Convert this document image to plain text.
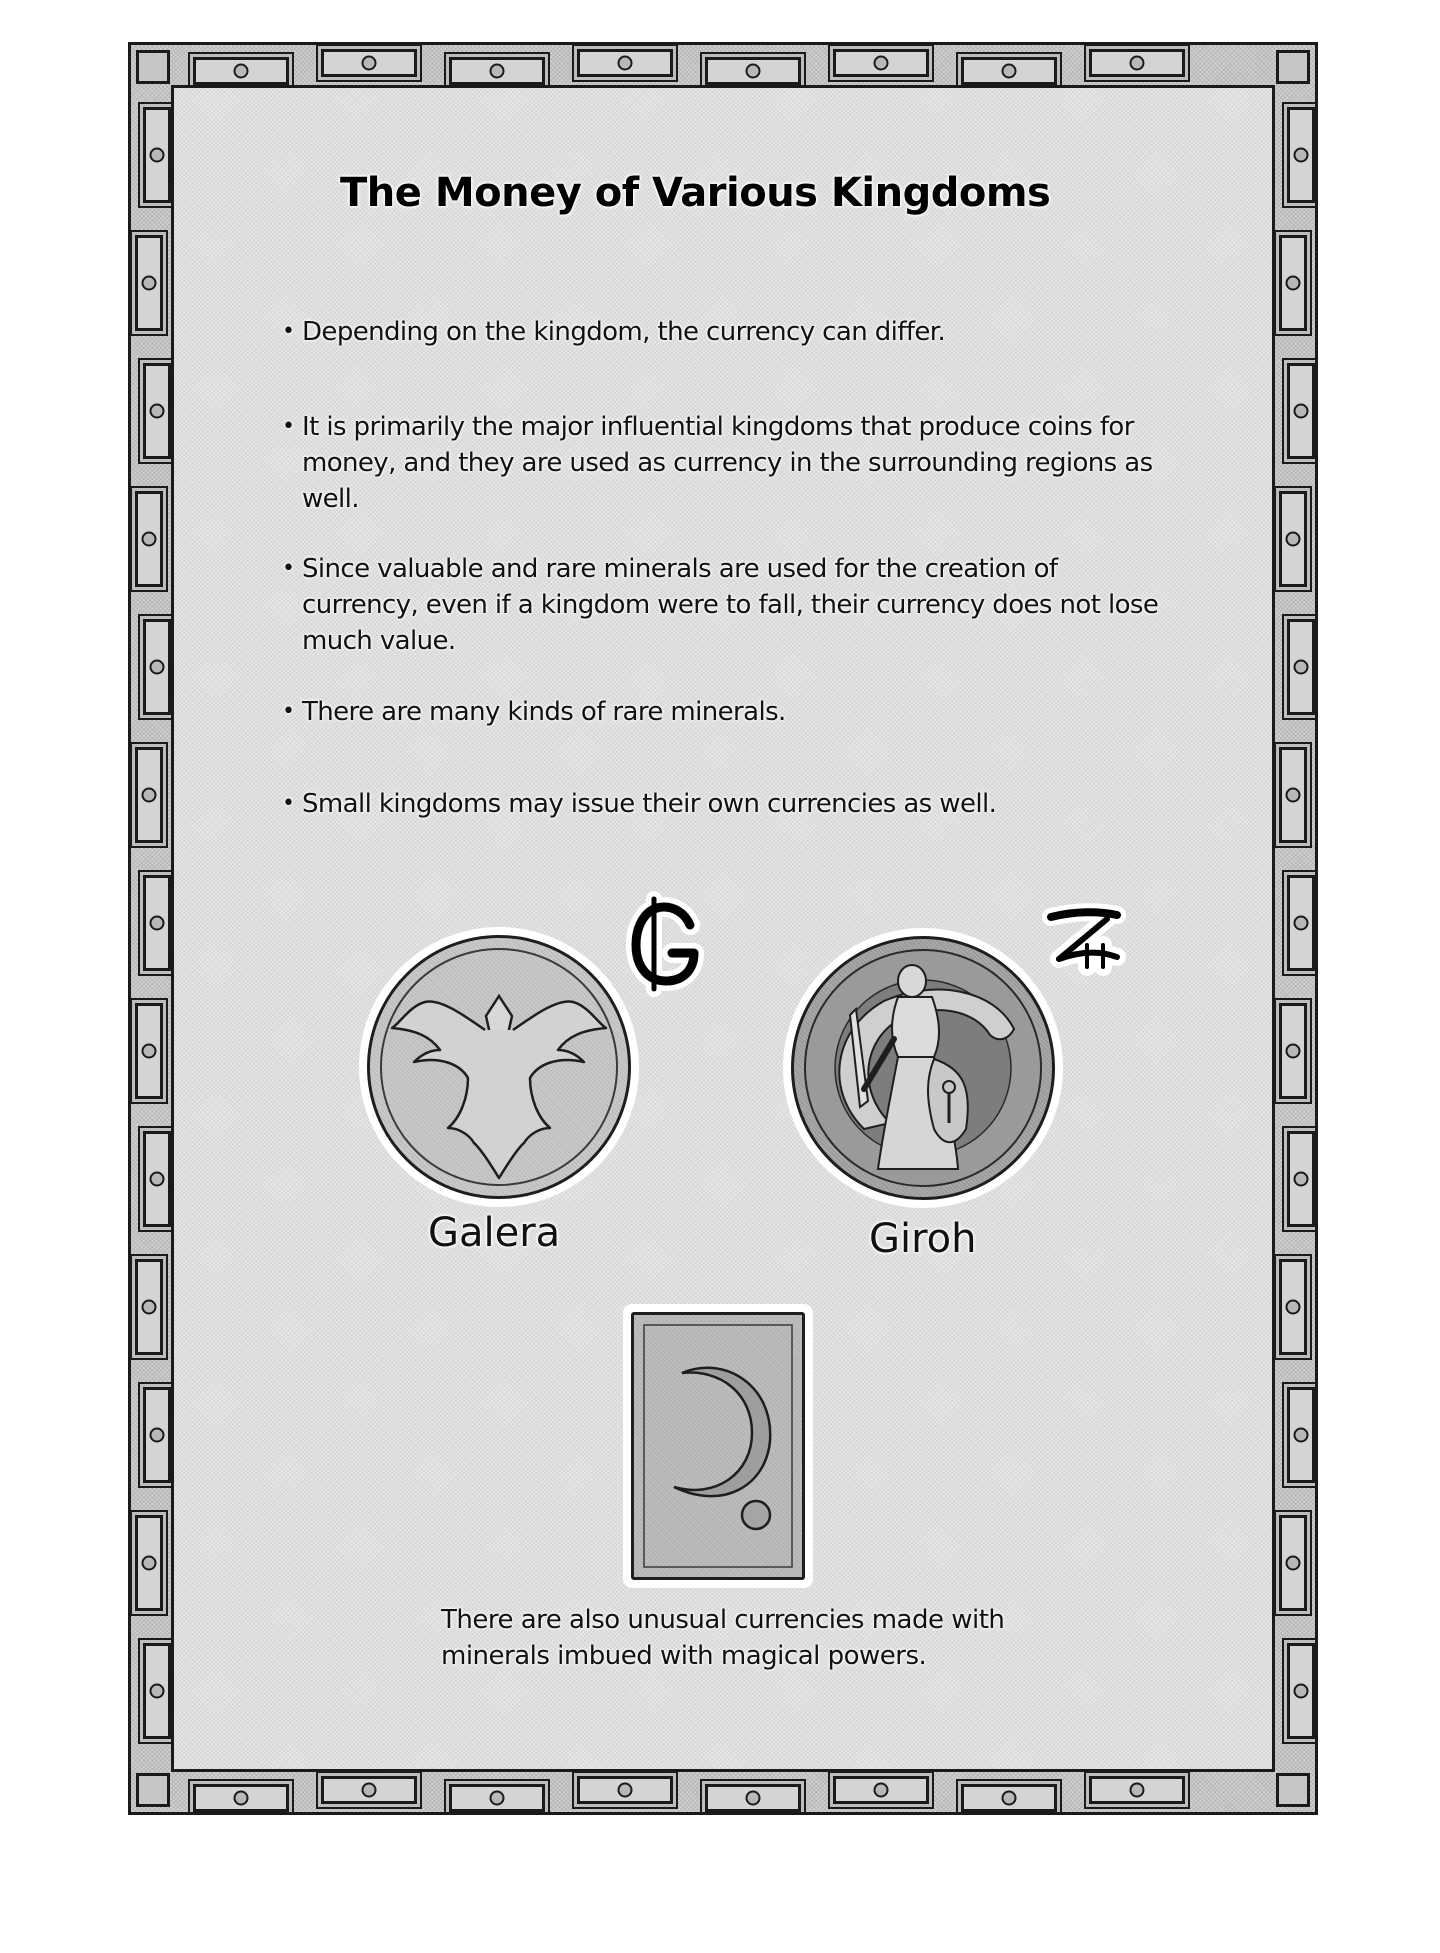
The Money of Various Kingdoms
• Depending on the kingdom, the currency can differ.
• It is primarily the major influential kingdoms that produce coins for money, and they are used as currency in the surrounding regions as well.
• Since valuable and rare minerals are used for the creation of currency, even if a kingdom were to fall, their currency does not lose much value.
• There are many kinds of rare minerals.
• Small kingdoms may issue their own currencies as well.
Galera	Giroh
There are also unusual currencies made with minerals imbued with magical powers.
